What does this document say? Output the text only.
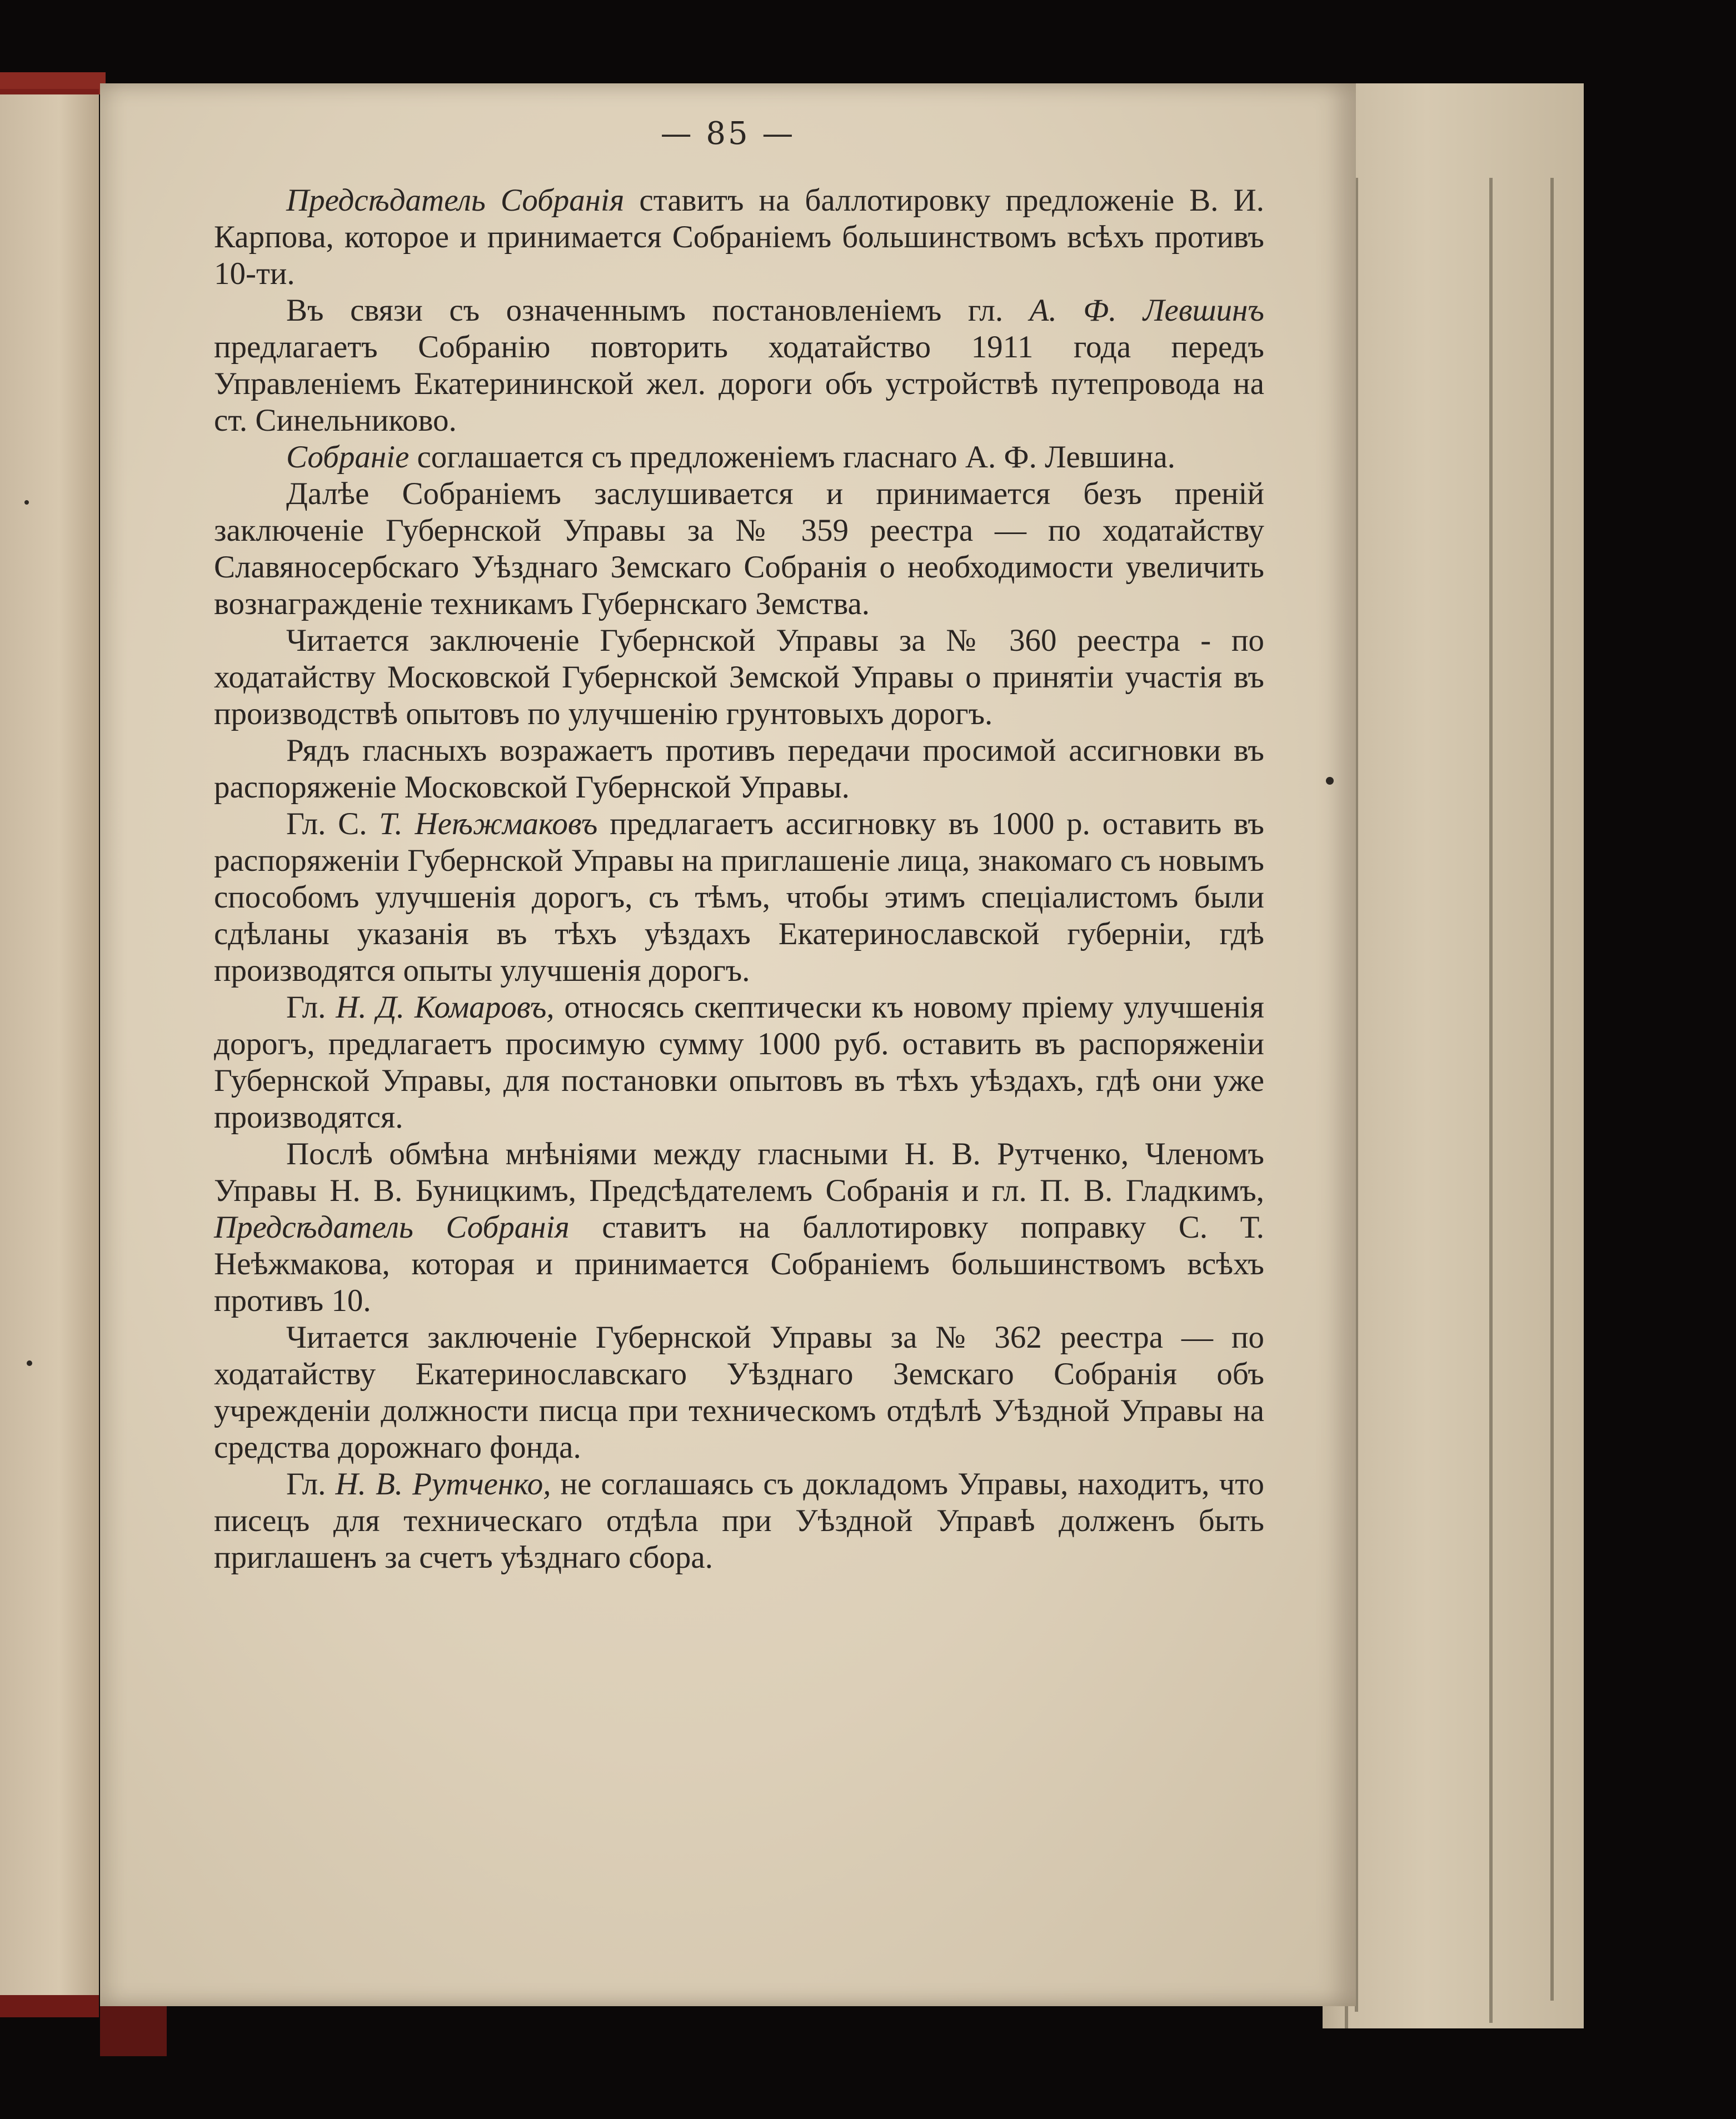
— 85 —

Предсѣдатель Собранія ставитъ на баллотировку предложеніе В. И. Карпова, которое и принимается Собраніемъ большинствомъ всѣхъ противъ 10-ти.

Въ связи съ означеннымъ постановленіемъ гл. А. Ф. Левшинъ предлагаетъ Собранію повторить ходатайство 1911 года передъ Управленіемъ Екатерининской жел. дороги объ устройствѣ путепровода на ст. Синельниково.

Собраніе соглашается съ предложеніемъ гласнаго А. Ф. Левшина.

Далѣе Собраніемъ заслушивается и принимается безъ преній заключеніе Губернской Управы за № 359 реестра — по ходатайству Славяносербскаго Уѣзднаго Земскаго Собранія о необходимости увеличить вознагражденіе техникамъ Губернскаго Земства.

Читается заключеніе Губернской Управы за № 360 реестра - по ходатайству Московской Губернской Земской Управы о принятіи участія въ производствѣ опытовъ по улучшенію грунтовыхъ дорогъ.

Рядъ гласныхъ возражаетъ противъ передачи просимой ассигновки въ распоряженіе Московской Губернской Управы.

Гл. С. Т. Неѣжмаковъ предлагаетъ ассигновку въ 1000 р. оставить въ распоряженіи Губернской Управы на приглашеніе лица, знакомаго съ новымъ способомъ улучшенія дорогъ, съ тѣмъ, чтобы этимъ спеціалистомъ были сдѣланы указанія въ тѣхъ уѣздахъ Екатеринославской губерніи, гдѣ производятся опыты улучшенія дорогъ.

Гл. Н. Д. Комаровъ, относясь скептически къ новому пріему улучшенія дорогъ, предлагаетъ просимую сумму 1000 руб. оставить въ распоряженіи Губернской Управы, для постановки опытовъ въ тѣхъ уѣздахъ, гдѣ они уже производятся.

Послѣ обмѣна мнѣніями между гласными Н. В. Рутченко, Членомъ Управы Н. В. Буницкимъ, Предсѣдателемъ Собранія и гл. П. В. Гладкимъ, Предсѣдатель Собранія ставитъ на баллотировку поправку С. Т. Неѣжмакова, которая и принимается Собраніемъ большинствомъ всѣхъ противъ 10.

Читается заключеніе Губернской Управы за № 362 реестра — по ходатайству Екатеринославскаго Уѣзднаго Земскаго Собранія объ учрежденіи должности писца при техническомъ отдѣлѣ Уѣздной Управы на средства дорожнаго фонда.

Гл. Н. В. Рутченко, не соглашаясь съ докладомъ Управы, находитъ, что писецъ для техническаго отдѣла при Уѣздной Управѣ долженъ быть приглашенъ за счетъ уѣзднаго сбора.
